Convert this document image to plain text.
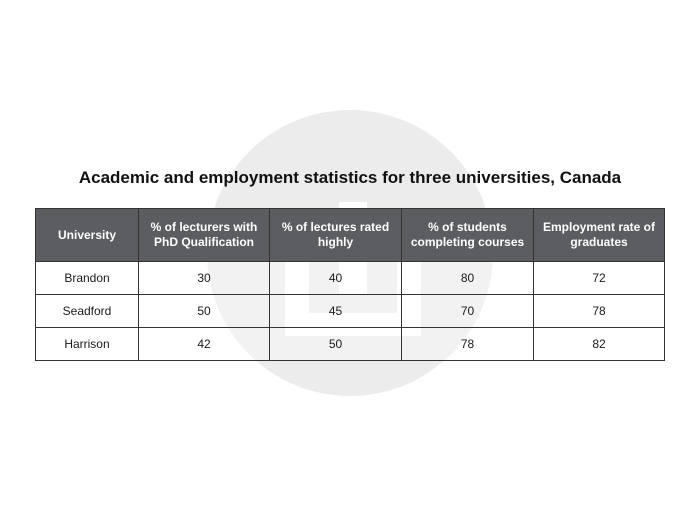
Academic and employment statistics for three universities, Canada
University	% of lecturers with PhD Qualification	% of lectures rated highly	% of students completing courses	Employment rate of graduates
Brandon	30	40	80	72
Seadford	50	45	70	78
Harrison	42	50	78	82
